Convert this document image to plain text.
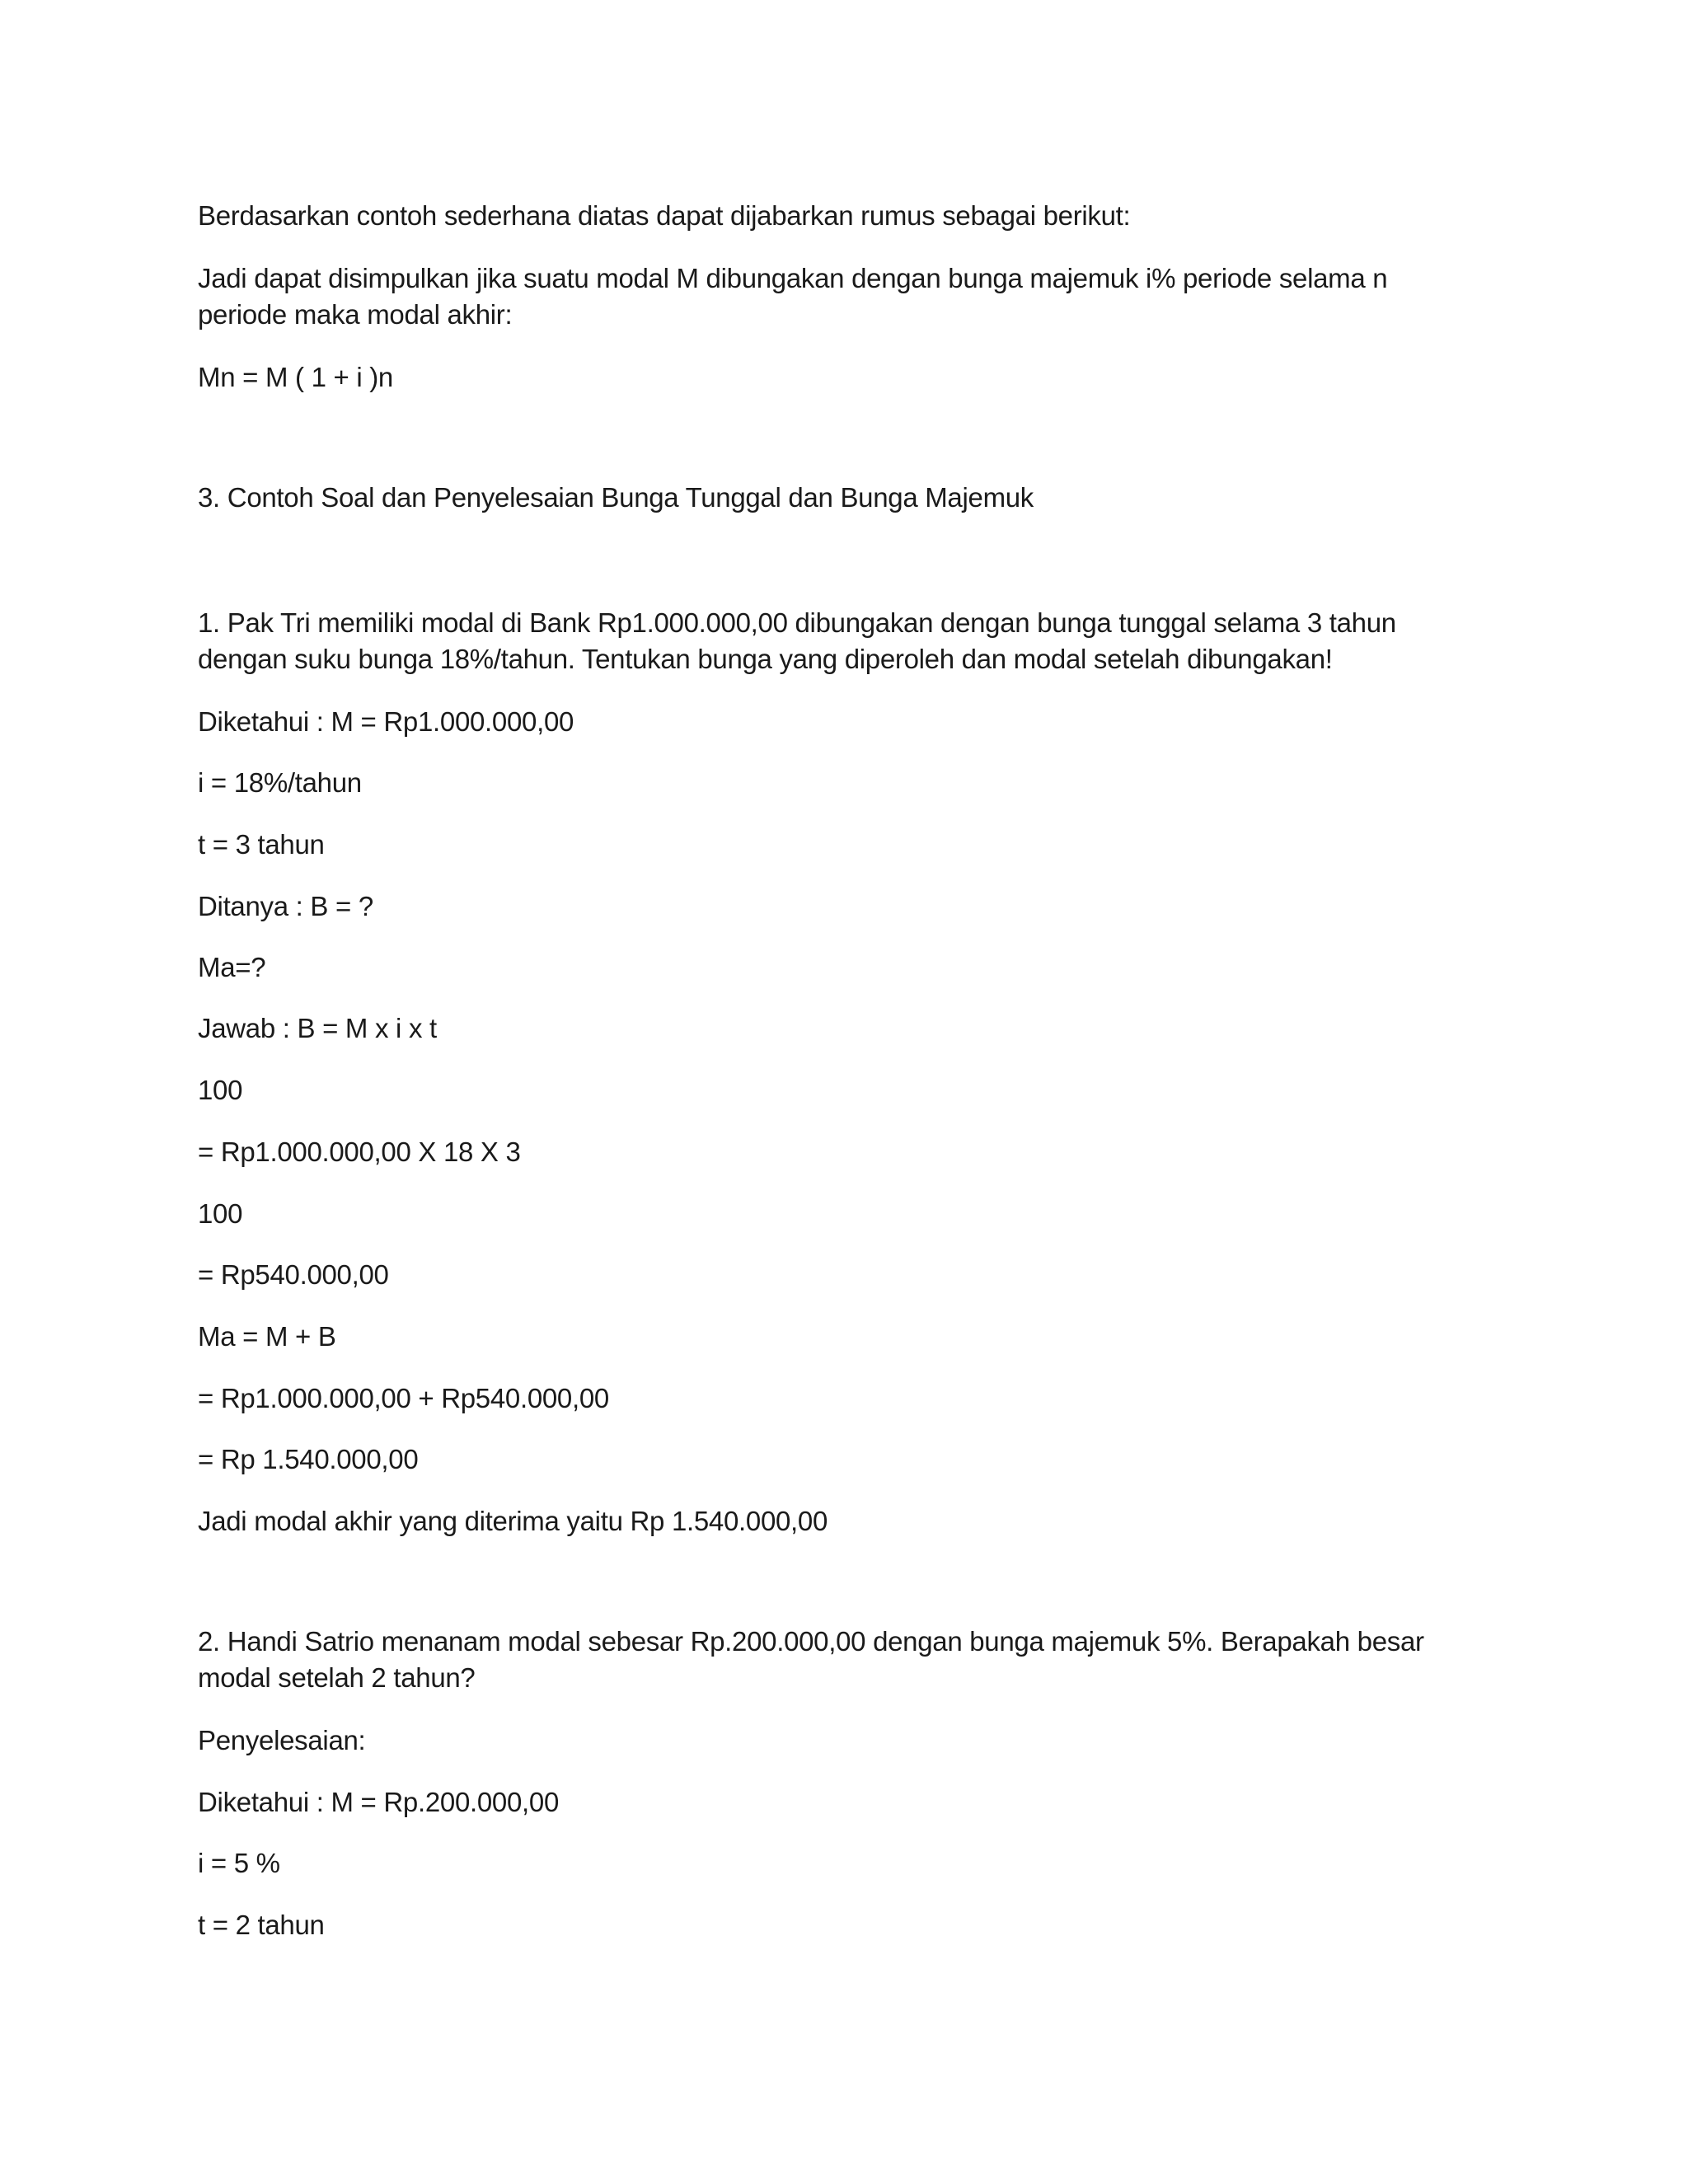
Berdasarkan contoh sederhana diatas dapat dijabarkan rumus sebagai berikut:
Jadi dapat disimpulkan jika suatu modal M dibungakan dengan bunga majemuk i% periode selama n
periode maka modal akhir:
Mn = M ( 1 + i )n
3. Contoh Soal dan Penyelesaian Bunga Tunggal dan Bunga Majemuk
1. Pak Tri memiliki modal di Bank Rp1.000.000,00 dibungakan dengan bunga tunggal selama 3 tahun
dengan suku bunga 18%/tahun. Tentukan bunga yang diperoleh dan modal setelah dibungakan!
Diketahui : M = Rp1.000.000,00
i = 18%/tahun
t = 3 tahun
Ditanya : B = ?
Ma=?
Jawab : B = M x i x t
100
= Rp1.000.000,00 X 18 X 3
100
= Rp540.000,00
Ma = M + B
= Rp1.000.000,00 + Rp540.000,00
= Rp 1.540.000,00
Jadi modal akhir yang diterima yaitu Rp 1.540.000,00
2. Handi Satrio menanam modal sebesar Rp.200.000,00 dengan bunga majemuk 5%. Berapakah besar
modal setelah 2 tahun?
Penyelesaian:
Diketahui : M = Rp.200.000,00
i = 5 %
t = 2 tahun
